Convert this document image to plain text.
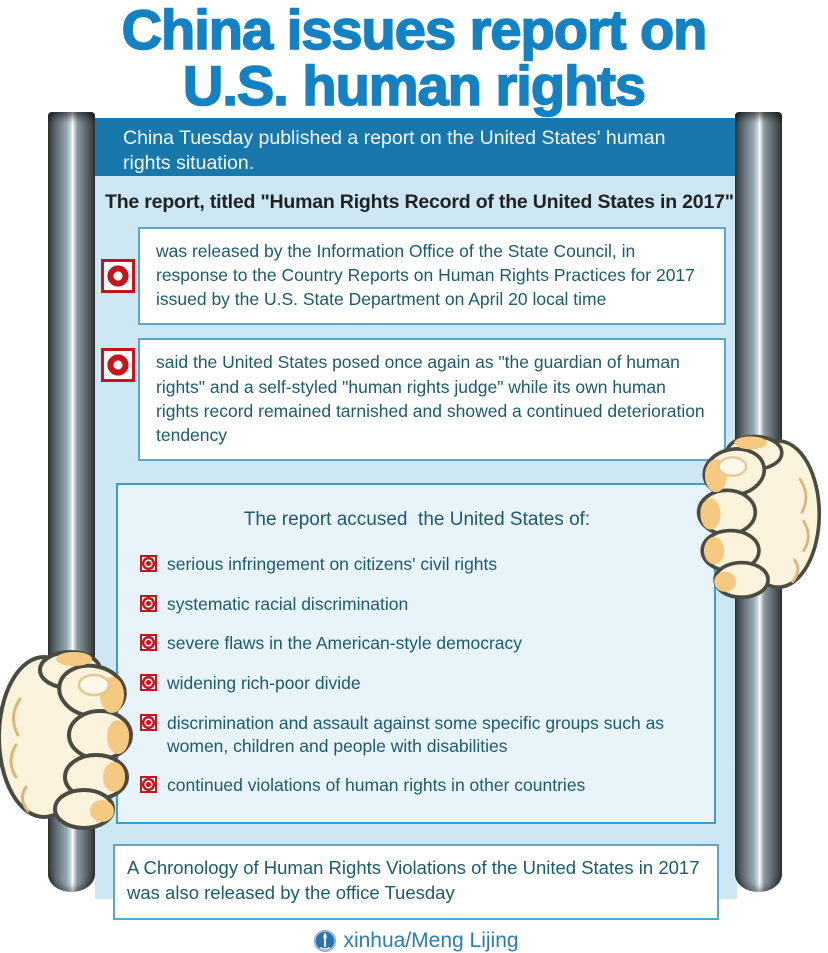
China issues report on
U.S. human rights
China Tuesday published a report on the United States' human rights situation.
The report, titled "Human Rights Record of the United States in 2017"
was released by the Information Office of the State Council, in response to the Country Reports on Human Rights Practices for 2017 issued by the U.S. State Department on April 20 local time
said the United States posed once again as "the guardian of human rights" and a self-styled "human rights judge" while its own human rights record remained tarnished and showed a continued deterioration tendency
The report accused  the United States of:
serious infringement on citizens' civil rights
systematic racial discrimination
severe flaws in the American-style democracy
widening rich-poor divide
discrimination and assault against some specific groups such as women, children and people with disabilities
continued violations of human rights in other countries
A Chronology of Human Rights Violations of the United States in 2017 was also released by the office Tuesday
xinhua/Meng Lijing
